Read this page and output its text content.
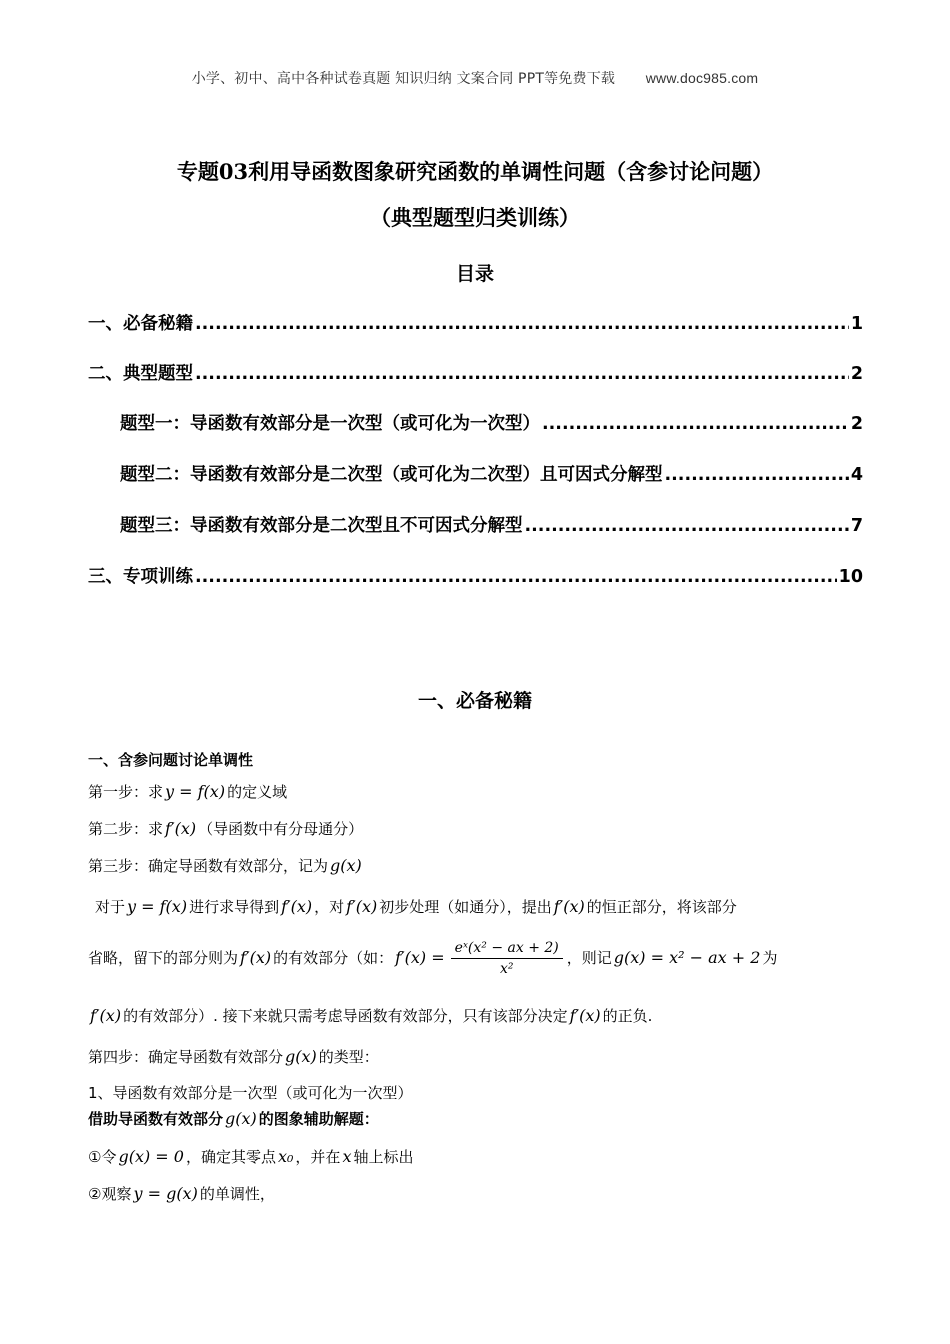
小学、初中、高中各种试卷真题 知识归纳 文案合同 PPT等免费下载 www.doc985.com
专题03利用导函数图象研究函数的单调性问题（含参讨论问题）
（典型题型归类训练）
目录
一、必备秘籍 .....	1
二、典型题型 .....	2
题型一：导函数有效部分是一次型（或可化为一次型） .....	2
题型二：导函数有效部分是二次型（或可化为二次型）且可因式分解型 .....	4
题型三：导函数有效部分是二次型且不可因式分解型 .....	7
三、专项训练 .....	10
一、必备秘籍
一、含参问题讨论单调性
第一步：求 y = f(x) 的定义域
第二步：求 f′(x) （导函数中有分母通分）
第三步：确定导函数有效部分，记为 g(x)
对于 y = f(x) 进行求导得到 f′(x) ，对 f′(x) 初步处理（如通分），提出 f′(x) 的恒正部分，将该部分
省略，留下的部分则为 f′(x) 的有效部分（如： $f'(x) = \frac{\text{eˣ(x² − ax + 2)}}{\text{x²}}$ ，则记 g(x) = x² − ax + 2 为
f′(x) 的有效部分）. 接下来就只需考虑导函数有效部分，只有该部分决定 f′(x) 的正负.
第四步：确定导函数有效部分 g(x) 的类型：
1、导函数有效部分是一次型（或可化为一次型）
借助导函数有效部分 g(x) 的图象辅助解题：
①令 g(x) = 0 ，确定其零点 x₀ ，并在 x 轴上标出
②观察 y = g(x) 的单调性，
